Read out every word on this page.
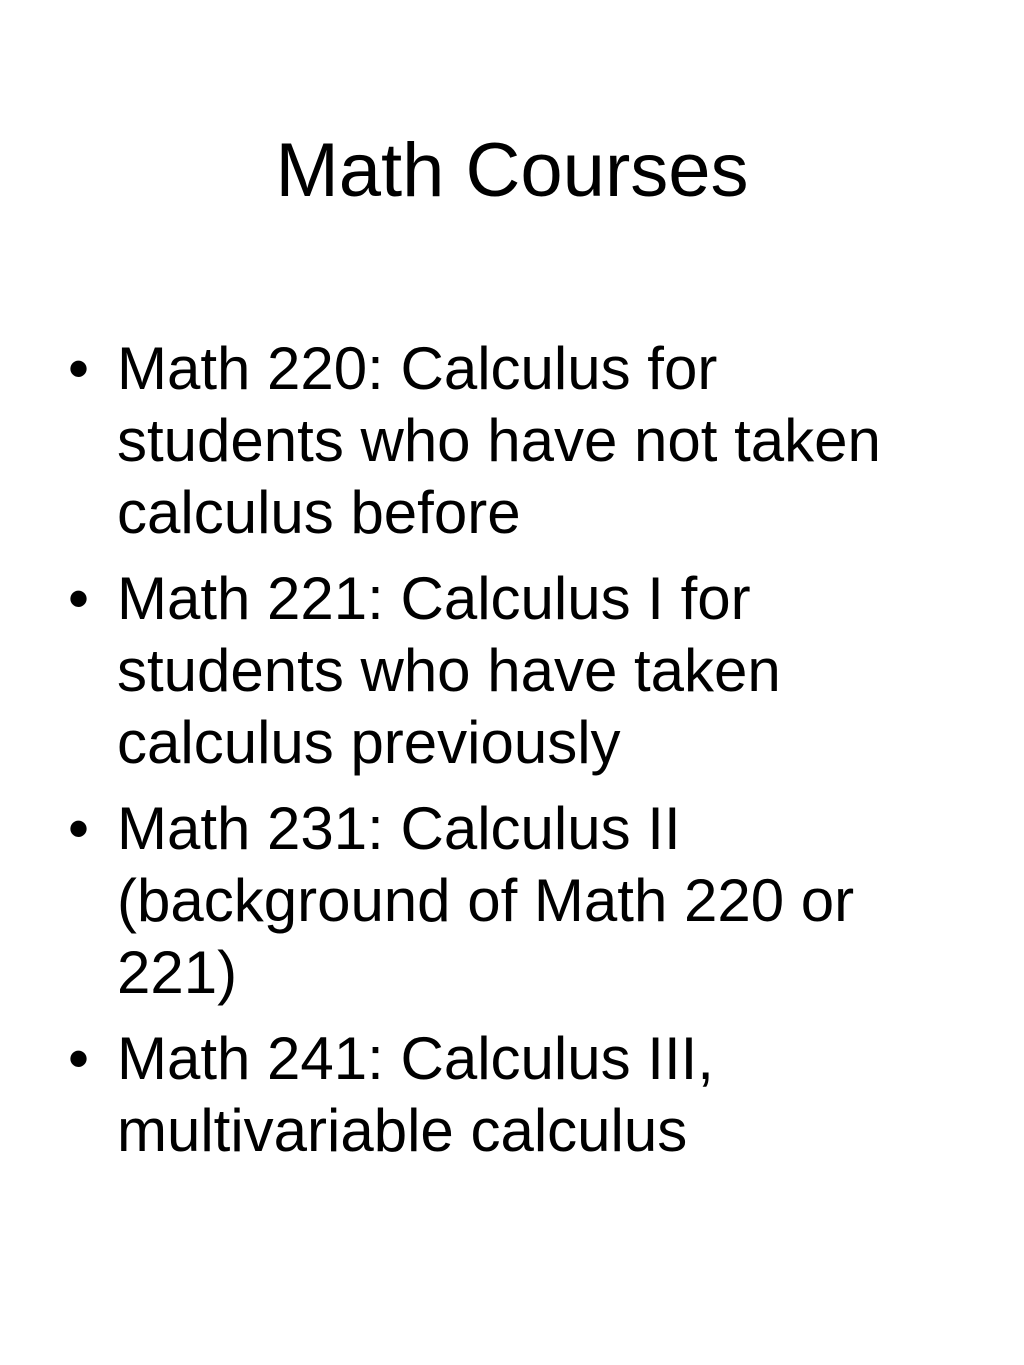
Math Courses
• Math 220: Calculus for students who have not taken calculus before
• Math 221: Calculus I for students who have taken calculus previously
• Math 231: Calculus II (background of Math 220 or 221)
• Math 241: Calculus III, multivariable calculus
